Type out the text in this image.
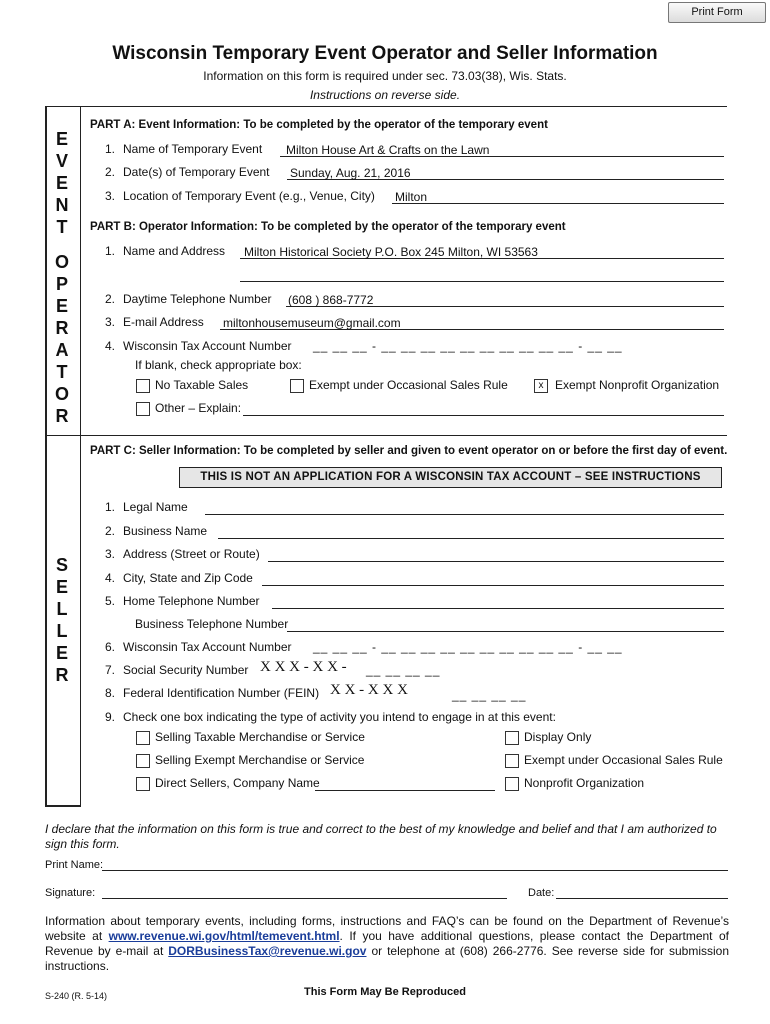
Print Form
Wisconsin Temporary Event Operator and Seller Information
Information on this form is required under sec. 73.03(38), Wis. Stats.
Instructions on reverse side.
E
V
E
N
T
O
P
E
R
A
T
O
R
S
E
L
L
E
R
PART A: Event Information: To be completed by the operator of the temporary event
1. Name of Temporary Event	Milton House Art & Crafts on the Lawn
2. Date(s) of Temporary Event Sunday, Aug. 21, 2016
3. Location of Temporary Event (e.g., Venue, City) Milton
PART B: Operator Information: To be completed by the operator of the temporary event
1. Name and Address	Milton Historical Society P.O. Box 245 Milton, WI 53563
2. Daytime Telephone Number (608 ) 868-7772
3. E-mail Address miltonhousemuseum@gmail.com
4. Wisconsin Tax Account Number __ __ __ - __ __ __ __ __ __ __ __ __ __ - __ __
If blank, check appropriate box:
No Taxable Sales	Exempt under Occasional Sales Rule	x Exempt Nonprofit Organization
Other – Explain:
PART C: Seller Information: To be completed by seller and given to event operator on or before the first day of event.
THIS IS NOT AN APPLICATION FOR A WISCONSIN TAX ACCOUNT – SEE INSTRUCTIONS
1. Legal Name
2. Business Name
3. Address (Street or Route)
4. City, State and Zip Code
5. Home Telephone Number
Business Telephone Number
6. Wisconsin Tax Account Number __ __ __ - __ __ __ __ __ __ __ __ __ __ - __ __
7. Social Security Number X X X - X X - __ __ __ __
8. Federal Identification Number (FEIN) X X - X X X	__ __ __ __
9. Check one box indicating the type of activity you intend to engage in at this event:
Selling Taxable Merchandise or Service	Display Only
Selling Exempt Merchandise or Service	Exempt under Occasional Sales Rule
Direct Sellers, Company Name	Nonprofit Organization
I declare that the information on this form is true and correct to the best of my knowledge and belief and that I am authorized to sign this form.
Print Name:
Signature:	Date:
Information about temporary events, including forms, instructions and FAQ’s can be found on the Department of Revenue’s website at www.revenue.wi.gov/html/temevent.html. If you have additional questions, please contact the Department of Revenue by e-mail at DORBusinessTax@revenue.wi.gov or telephone at (608) 266-2776. See reverse side for submission instructions.
S-240 (R. 5-14)	This Form May Be Reproduced
